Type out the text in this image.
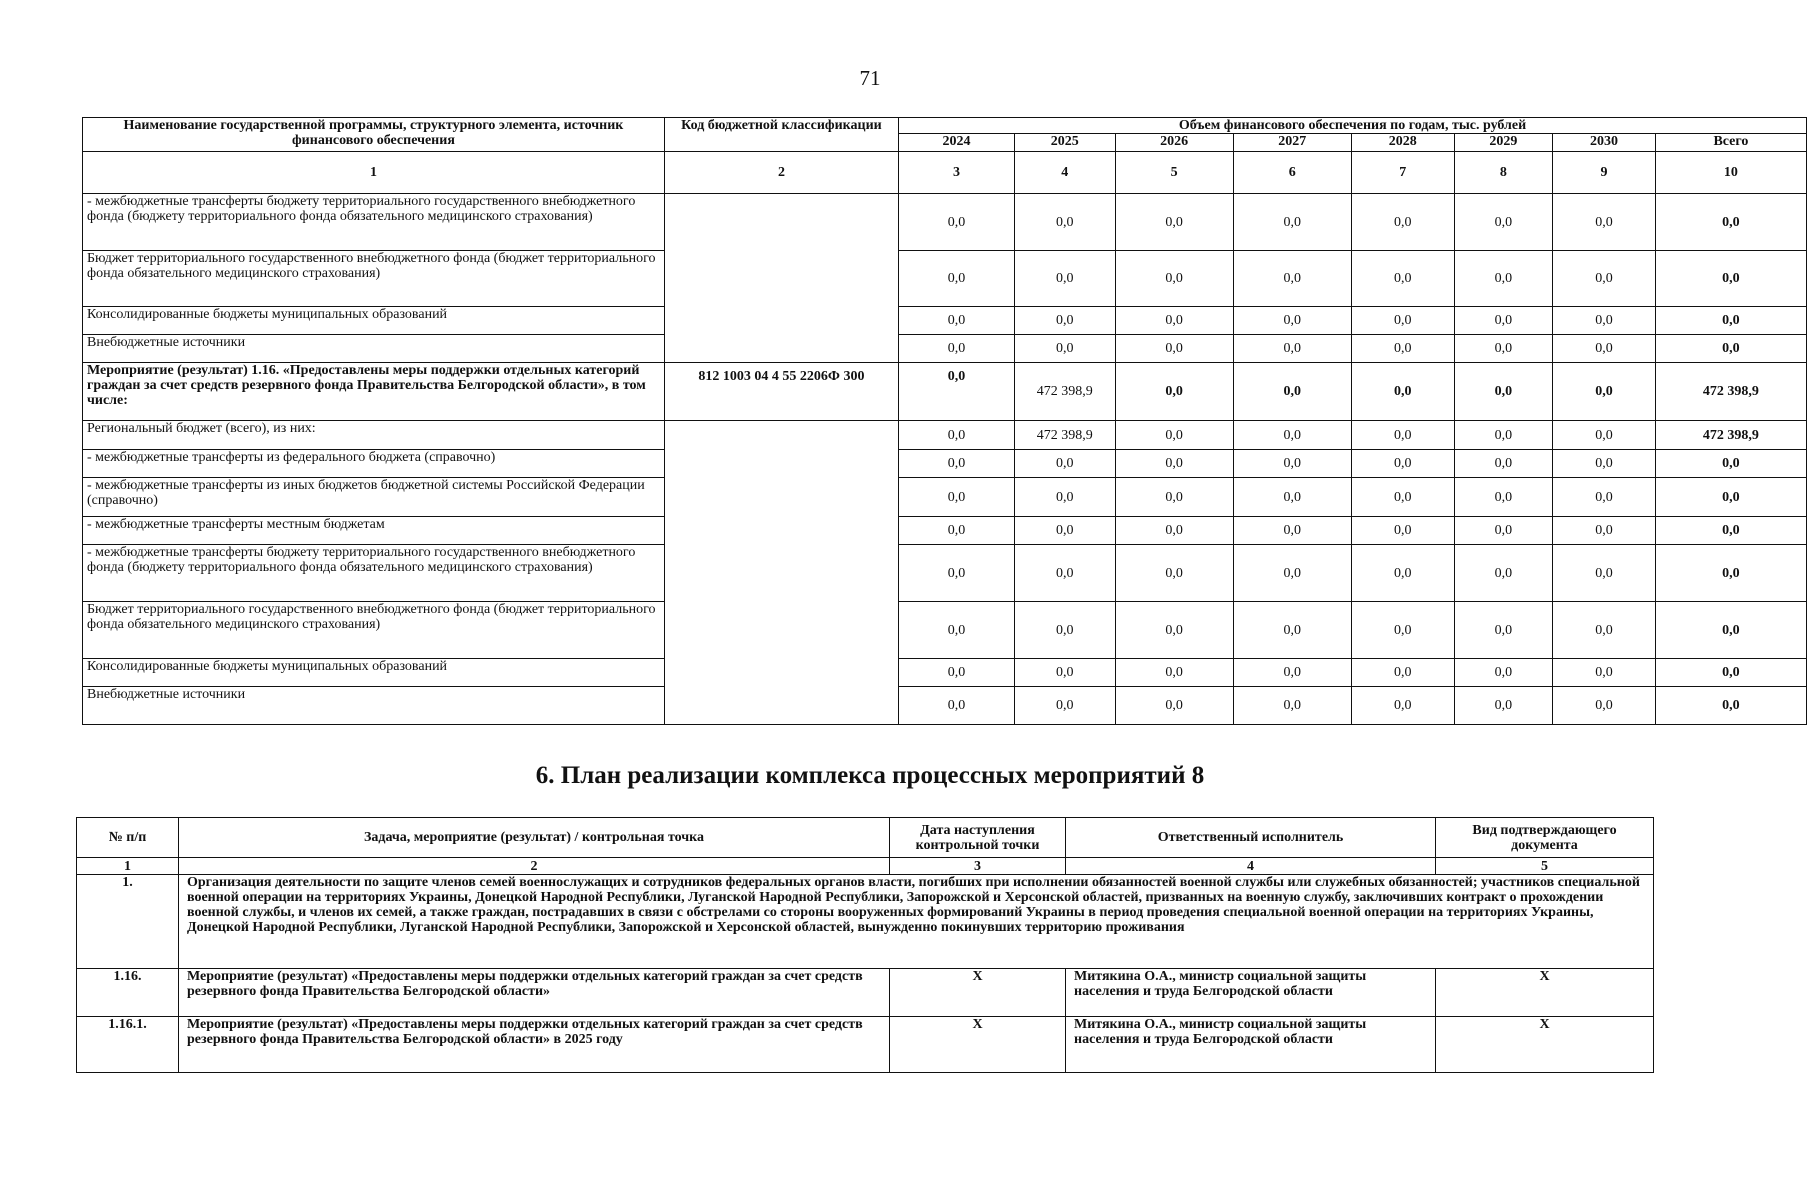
71
Наименование государственной программы, структурного элемента, источник финансового обеспечения	Код бюджетной классификации	Объем финансового обеспечения по годам, тыс. рублей							
		2024	2025	2026	2027	2028	2029	2030	Всего
1	2	3	4	5	6	7	8	9	10
- межбюджетные трансферты бюджету территориального государственного внебюджетного фонда (бюджету территориального фонда обязательного медицинского страхования)		0,0	0,0	0,0	0,0	0,0	0,0	0,0	0,0
Бюджет территориального государственного внебюджетного фонда (бюджет территориального фонда обязательного медицинского страхования)		0,0	0,0	0,0	0,0	0,0	0,0	0,0	0,0
Консолидированные бюджеты муниципальных образований		0,0	0,0	0,0	0,0	0,0	0,0	0,0	0,0
Внебюджетные источники		0,0	0,0	0,0	0,0	0,0	0,0	0,0	0,0
Мероприятие (результат) 1.16. «Предоставлены меры поддержки отдельных категорий граждан за счет средств резервного фонда Правительства Белгородской области», в том числе:	812 1003 04 4 55 2206Ф 300	0,0	472 398,9	0,0	0,0	0,0	0,0	0,0	472 398,9
Региональный бюджет (всего), из них:		0,0	472 398,9	0,0	0,0	0,0	0,0	0,0	472 398,9
- межбюджетные трансферты из федерального бюджета (справочно)		0,0	0,0	0,0	0,0	0,0	0,0	0,0	0,0
- межбюджетные трансферты из иных бюджетов бюджетной системы Российской Федерации (справочно)		0,0	0,0	0,0	0,0	0,0	0,0	0,0	0,0
- межбюджетные трансферты местным бюджетам		0,0	0,0	0,0	0,0	0,0	0,0	0,0	0,0
- межбюджетные трансферты бюджету территориального государственного внебюджетного фонда (бюджету территориального фонда обязательного медицинского страхования)		0,0	0,0	0,0	0,0	0,0	0,0	0,0	0,0
Бюджет территориального государственного внебюджетного фонда (бюджет территориального фонда обязательного медицинского страхования)		0,0	0,0	0,0	0,0	0,0	0,0	0,0	0,0
Консолидированные бюджеты муниципальных образований		0,0	0,0	0,0	0,0	0,0	0,0	0,0	0,0
Внебюджетные источники		0,0	0,0	0,0	0,0	0,0	0,0	0,0	0,0
6. План реализации комплекса процессных мероприятий 8
№ п/п	Задача, мероприятие (результат) / контрольная точка	Дата наступления контрольной точки	Ответственный исполнитель	Вид подтверждающего документа
1	2	3	4	5
1.	Организация деятельности по защите членов семей военнослужащих и сотрудников федеральных органов власти, погибших при исполнении обязанностей военной службы или служебных обязанностей; участников специальной военной операции на территориях Украины, Донецкой Народной Республики, Луганской Народной Республики, Запорожской и Херсонской областей, призванных на военную службу, заключивших контракт о прохождении военной службы, и членов их семей, а также граждан, пострадавших в связи с обстрелами со стороны вооруженных формирований Украины в период проведения специальной военной операции на территориях Украины, Донецкой Народной Республики, Луганской Народной Республики, Запорожской и Херсонской областей, вынужденно покинувших территорию проживания			
1.16.	Мероприятие (результат) «Предоставлены меры поддержки отдельных категорий граждан за счет средств резервного фонда Правительства Белгородской области»	Х	Митякина О.А., министр социальной защиты населения и труда Белгородской области	Х
1.16.1.	Мероприятие (результат) «Предоставлены меры поддержки отдельных категорий граждан за счет средств резервного фонда Правительства Белгородской области» в 2025 году	Х	Митякина О.А., министр социальной защиты населения и труда Белгородской области	Х
